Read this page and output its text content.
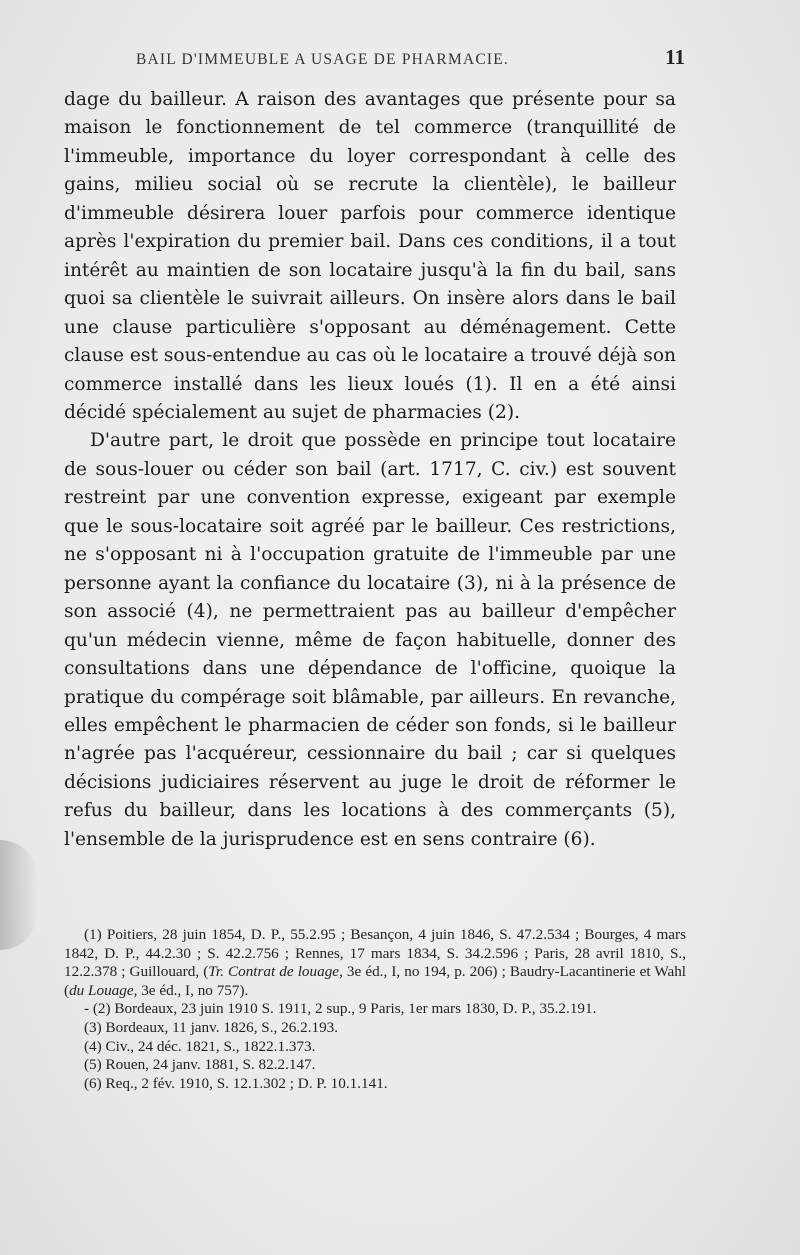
BAIL D'IMMEUBLE A USAGE DE PHARMACIE.	11

dage du bailleur. A raison des avantages que présente pour sa maison le fonctionnement de tel commerce (tranquillité de l'immeuble, importance du loyer correspondant à celle des gains, milieu social où se recrute la clientèle), le bailleur d'immeuble désirera louer parfois pour commerce identique après l'expiration du premier bail. Dans ces conditions, il a tout intérêt au maintien de son locataire jusqu'à la fin du bail, sans quoi sa clientèle le suivrait ailleurs. On insère alors dans le bail une clause particulière s'opposant au déménagement. Cette clause est sous-entendue au cas où le locataire a trouvé déjà son commerce installé dans les lieux loués (1). Il en a été ainsi décidé spécialement au sujet de pharmacies (2).

D'autre part, le droit que possède en principe tout locataire de sous-louer ou céder son bail (art. 1717, C. civ.) est souvent restreint par une convention expresse, exigeant par exemple que le sous-locataire soit agréé par le bailleur. Ces restrictions, ne s'opposant ni à l'occupation gratuite de l'immeuble par une personne ayant la confiance du locataire (3), ni à la présence de son associé (4), ne permettraient pas au bailleur d'empêcher qu'un médecin vienne, même de façon habituelle, donner des consultations dans une dépendance de l'officine, quoique la pratique du compérage soit blâmable, par ailleurs. En revanche, elles empêchent le pharmacien de céder son fonds, si le bailleur n'agrée pas l'acquéreur, cessionnaire du bail ; car si quelques décisions judiciaires réservent au juge le droit de réformer le refus du bailleur, dans les locations à des commerçants (5), l'ensemble de la jurisprudence est en sens contraire (6).

(1) Poitiers, 28 juin 1854, D. P., 55.2.95 ; Besançon, 4 juin 1846, S. 47.2.534 ; Bourges, 4 mars 1842, D. P., 44.2.30 ; S. 42.2.756 ; Rennes, 17 mars 1834, S. 34.2.596 ; Paris, 28 avril 1810, S., 12.2.378 ; Guillouard, (Tr. Contrat de louage, 3e éd., I, no 194, p. 206) ; Baudry-Lacantinerie et Wahl (du Louage, 3e éd., I, no 757).

- (2) Bordeaux, 23 juin 1910 S. 1911, 2 sup., 9 Paris, 1er mars 1830, D. P., 35.2.191.

(3) Bordeaux, 11 janv. 1826, S., 26.2.193.

(4) Civ., 24 déc. 1821, S., 1822.1.373.

(5) Rouen, 24 janv. 1881, S. 82.2.147.

(6) Req., 2 fév. 1910, S. 12.1.302 ; D. P. 10.1.141.
